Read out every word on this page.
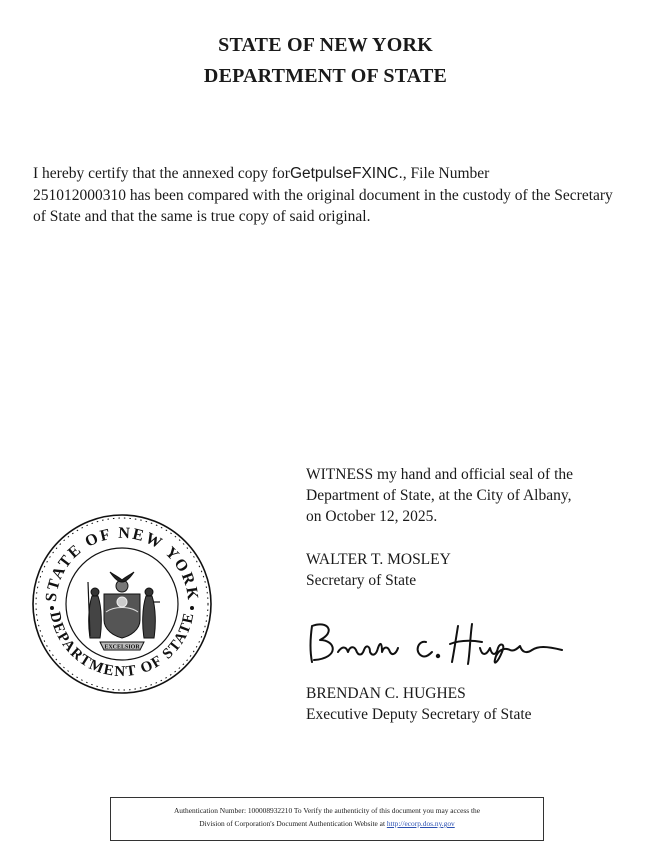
STATE OF NEW YORK
DEPARTMENT OF STATE
I hereby certify that the annexed copy forGetpulseFXINC., File Number
251012000310 has been compared with the original document in the custody of the Secretary of State and that the same is true copy of said original.
WITNESS my hand and official seal of the
Department of State, at the City of Albany,
on October 12, 2025.
WALTER T. MOSLEY
Secretary of State
BRENDAN C. HUGHES
Executive Deputy Secretary of State
STATE OF NEW YORK
DEPARTMENT OF STATE
EXCELSIOR
Authentication Number: 100008932210 To Verify the authenticity of this document you may access the
Division of Corporation's Document Authentication Website at http://ecorp.dos.ny.gov
